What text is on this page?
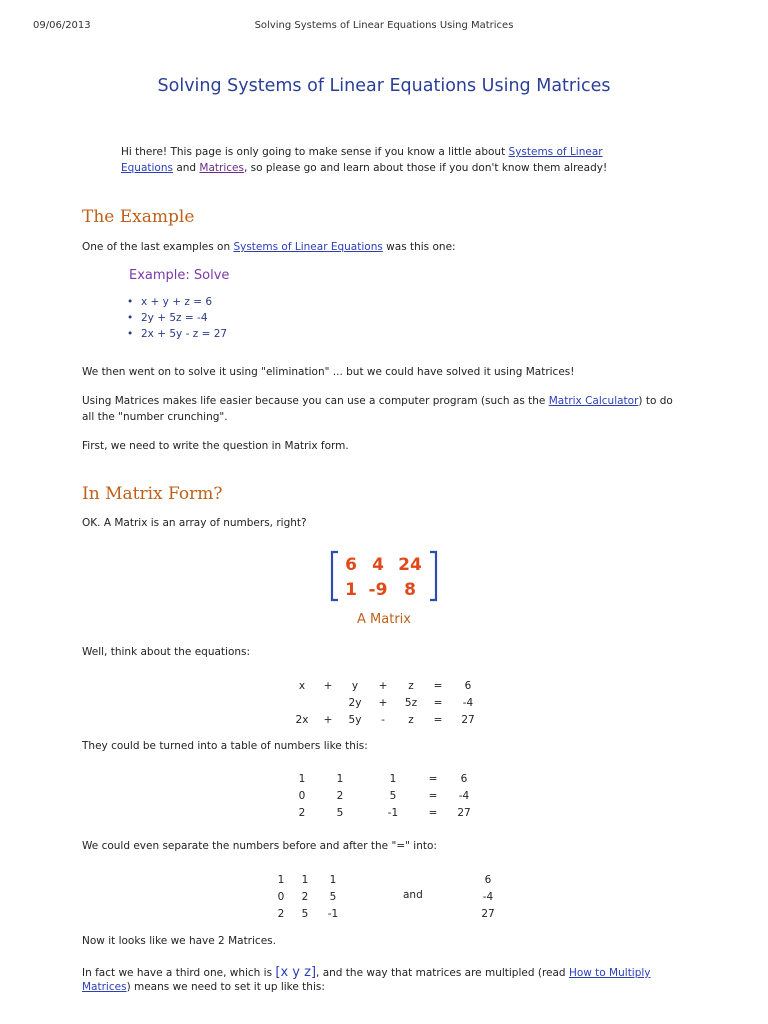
09/06/2013	Solving Systems of Linear Equations Using Matrices
Solving Systems of Linear Equations Using Matrices
Hi there! This page is only going to make sense if you know a little about Systems of Linear Equations and Matrices, so please go and learn about those if you don't know them already!
The Example

One of the last examples on Systems of Linear Equations was this one:

Example: Solve
• x + y + z = 6
• 2y + 5z = -4
• 2x + 5y - z = 27

We then went on to solve it using "elimination" ... but we could have solved it using Matrices!

Using Matrices makes life easier because you can use a computer program (such as the Matrix Calculator) to do

all the "number crunching".

First, we need to write the question in Matrix form.

In Matrix Form?

OK. A Matrix is an array of numbers, right?

6 4 24
1 -9 8
A Matrix

Well, think about the equations:

x	+	y	+	z	=	6
		2y	+	5z	=	-4
2x	+	5y	-	z	=	27

They could be turned into a table of numbers like this:

1	1	1	=	6
0	2	5	=	-4
2	5	-1	=	27

We could even separate the numbers before and after the "=" into:

1	1	1
0	2	5
2	5	-1
and
6
-4
27

Now it looks like we have 2 Matrices.

In fact we have a third one, which is [x y z], and the way that matrices are multipled (read How to Multiply

Matrices) means we need to set it up like this:
